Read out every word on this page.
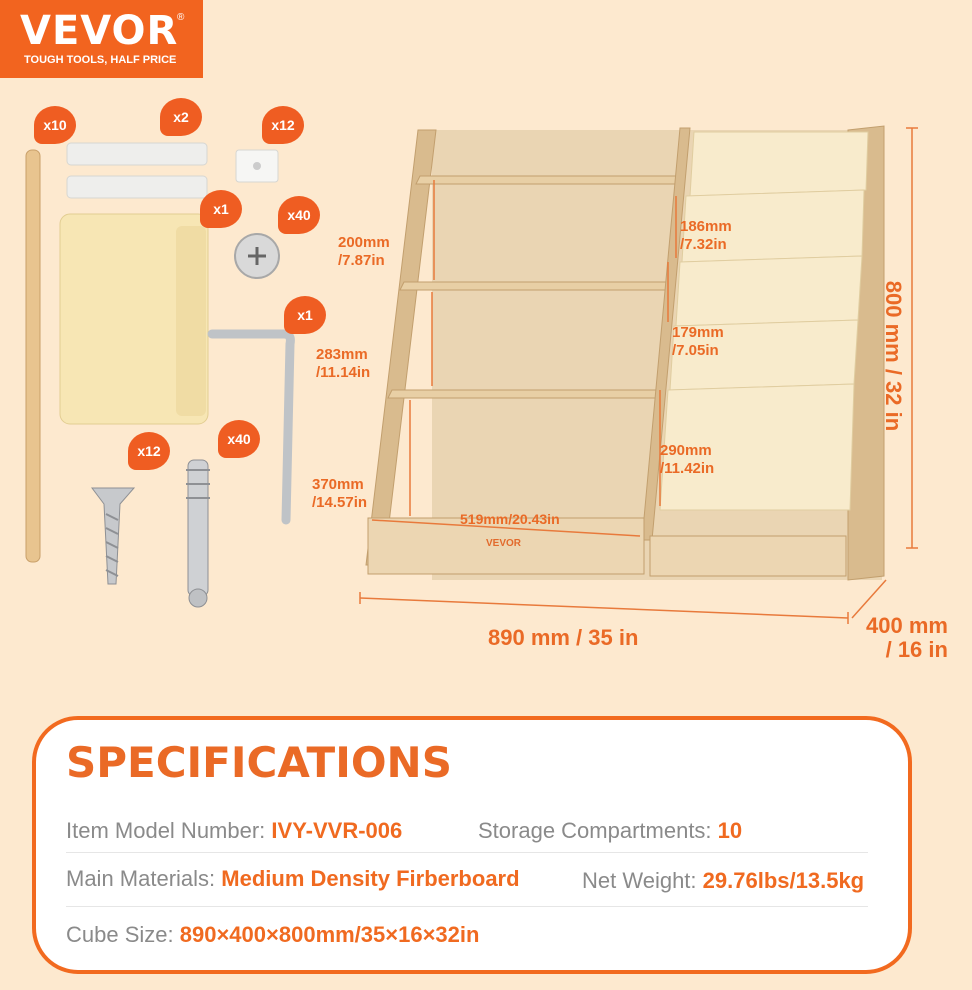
VEVOR
®
TOUGH TOOLS, HALF PRICE
x10	x2	x12
x1	x40
x1
x12
x40
VEVOR
200mm
/7.87in
283mm
/11.14in
370mm
/14.57in
519mm/20.43in
186mm
/7.32in
179mm
/7.05in
290mm
/11.42in
800 mm / 32 in
890 mm / 35 in	400 mm
/ 16 in
SPECIFICATIONS
Item Model Number: IVY-VVR-006	Storage Compartments: 10
Main Materials: Medium Density Firberboard	Net Weight: 29.76lbs/13.5kg
Cube Size: 890×400×800mm/35×16×32in
